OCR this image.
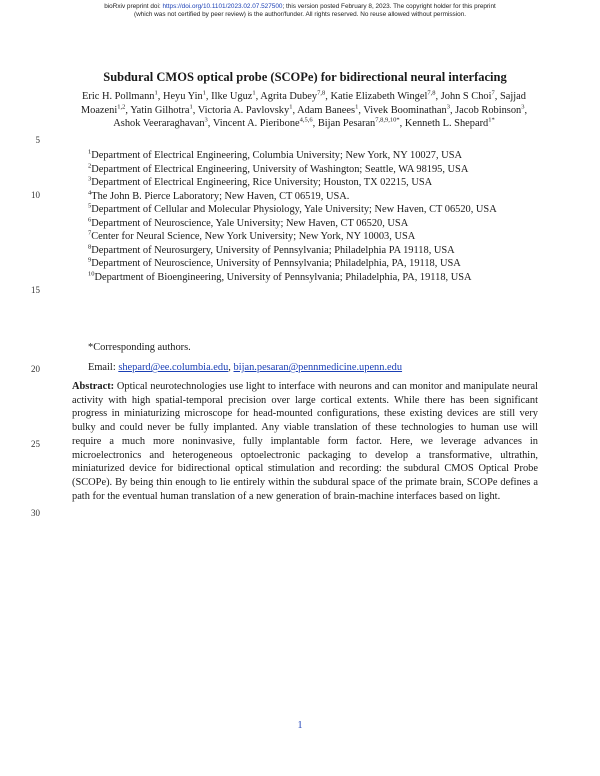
bioRxiv preprint doi: https://doi.org/10.1101/2023.02.07.527500; this version posted February 8, 2023. The copyright holder for this preprint
(which was not certified by peer review) is the author/funder. All rights reserved. No reuse allowed without permission.
Subdural CMOS optical probe (SCOPe) for bidirectional neural interfacing
Eric H. Pollmann$^1$, Heyu Yin$^1$, Ilke Uguz$^1$, Agrita Dubey$^{7,8}$, Katie Elizabeth Wingel$^{7,8}$, John S Choi$^7$, Sajjad Moazeni$^{1,2}$, Yatin Gilhotra$^1$, Victoria A. Pavlovsky$^1$, Adam Banees$^1$, Vivek Boominathan$^3$, Jacob Robinson$^3$, Ashok Veeraraghavan$^3$, Vincent A. Pieribone$^{4,5,6}$, Bijan Pesaran$^{7,8,9,10*}$, Kenneth L. Shepard$^{1*}$
5
10
15
20
25
30
$^1$Department of Electrical Engineering, Columbia University; New York, NY 10027, USA
$^2$Department of Electrical Engineering, University of Washington; Seattle, WA 98195, USA
$^3$Department of Electrical Engineering, Rice University; Houston, TX 02215, USA
$^4$The John B. Pierce Laboratory; New Haven, CT 06519, USA.
$^5$Department of Cellular and Molecular Physiology, Yale University; New Haven, CT 06520, USA
$^6$Department of Neuroscience, Yale University; New Haven, CT 06520, USA
$^7$Center for Neural Science, New York University; New York, NY 10003, USA
$^8$Department of Neurosurgery, University of Pennsylvania; Philadelphia PA 19118, USA
$^9$Department of Neuroscience, University of Pennsylvania; Philadelphia, PA, 19118, USA
$^{10}$Department of Bioengineering, University of Pennsylvania; Philadelphia, PA, 19118, USA
*Corresponding authors.
Email: shepard@ee.columbia.edu, bijan.pesaran@pennmedicine.upenn.edu
Abstract: Optical neurotechnologies use light to interface with neurons and can monitor and manipulate neural activity with high spatial-temporal precision over large cortical extents. While there has been significant progress in miniaturizing microscope for head-mounted configurations, these existing devices are still very bulky and could never be fully implanted. Any viable translation of these technologies to human use will require a much more noninvasive, fully implantable form factor. Here, we leverage advances in microelectronics and heterogeneous optoelectronic packaging to develop a transformative, ultrathin, miniaturized device for bidirectional optical stimulation and recording: the subdural CMOS Optical Probe (SCOPe). By being thin enough to lie entirely within the subdural space of the primate brain, SCOPe defines a path for the eventual human translation of a new generation of brain-machine interfaces based on light.
1
